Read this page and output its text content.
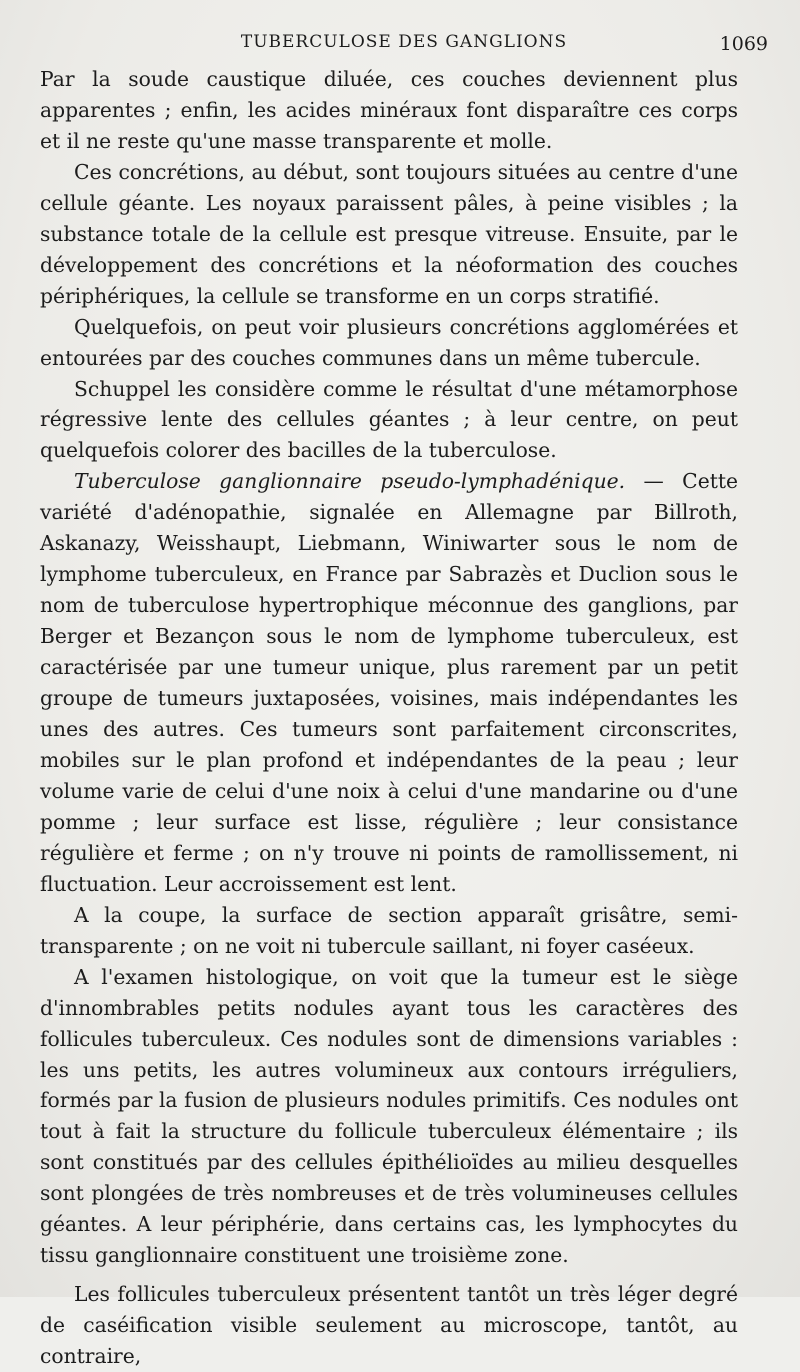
TUBERCULOSE DES GANGLIONS	1069

Par la soude caustique diluée, ces couches deviennent plus apparentes ; enfin, les acides minéraux font disparaître ces corps et il ne reste qu'une masse transparente et molle.

Ces concrétions, au début, sont toujours situées au centre d'une cellule géante. Les noyaux paraissent pâles, à peine visibles ; la substance totale de la cellule est presque vitreuse. Ensuite, par le développement des concrétions et la néoformation des couches périphériques, la cellule se transforme en un corps stratifié.

Quelquefois, on peut voir plusieurs concrétions agglomérées et entourées par des couches communes dans un même tubercule.

Schuppel les considère comme le résultat d'une métamorphose régressive lente des cellules géantes ; à leur centre, on peut quelquefois colorer des bacilles de la tuberculose.

Tuberculose ganglionnaire pseudo-lymphadénique. — Cette variété d'adénopathie, signalée en Allemagne par Billroth, Askanazy, Weisshaupt, Liebmann, Winiwarter sous le nom de lymphome tuberculeux, en France par Sabrazès et Duclion sous le nom de tuberculose hypertrophique méconnue des ganglions, par Berger et Bezançon sous le nom de lymphome tuberculeux, est caractérisée par une tumeur unique, plus rarement par un petit groupe de tumeurs juxtaposées, voisines, mais indépendantes les unes des autres. Ces tumeurs sont parfaitement circonscrites, mobiles sur le plan profond et indépendantes de la peau ; leur volume varie de celui d'une noix à celui d'une mandarine ou d'une pomme ; leur surface est lisse, régulière ; leur consistance régulière et ferme ; on n'y trouve ni points de ramollissement, ni fluctuation. Leur accroissement est lent.

A la coupe, la surface de section apparaît grisâtre, semi-transparente ; on ne voit ni tubercule saillant, ni foyer caséeux.

A l'examen histologique, on voit que la tumeur est le siège d'innombrables petits nodules ayant tous les caractères des follicules tuberculeux. Ces nodules sont de dimensions variables : les uns petits, les autres volumineux aux contours irréguliers, formés par la fusion de plusieurs nodules primitifs. Ces nodules ont tout à fait la structure du follicule tuberculeux élémentaire ; ils sont constitués par des cellules épithélioïdes au milieu desquelles sont plongées de très nombreuses et de très volumineuses cellules géantes. A leur périphérie, dans certains cas, les lymphocytes du tissu ganglionnaire constituent une troisième zone.

Les follicules tuberculeux présentent tantôt un très léger degré de caséification visible seulement au microscope, tantôt, au contraire,
